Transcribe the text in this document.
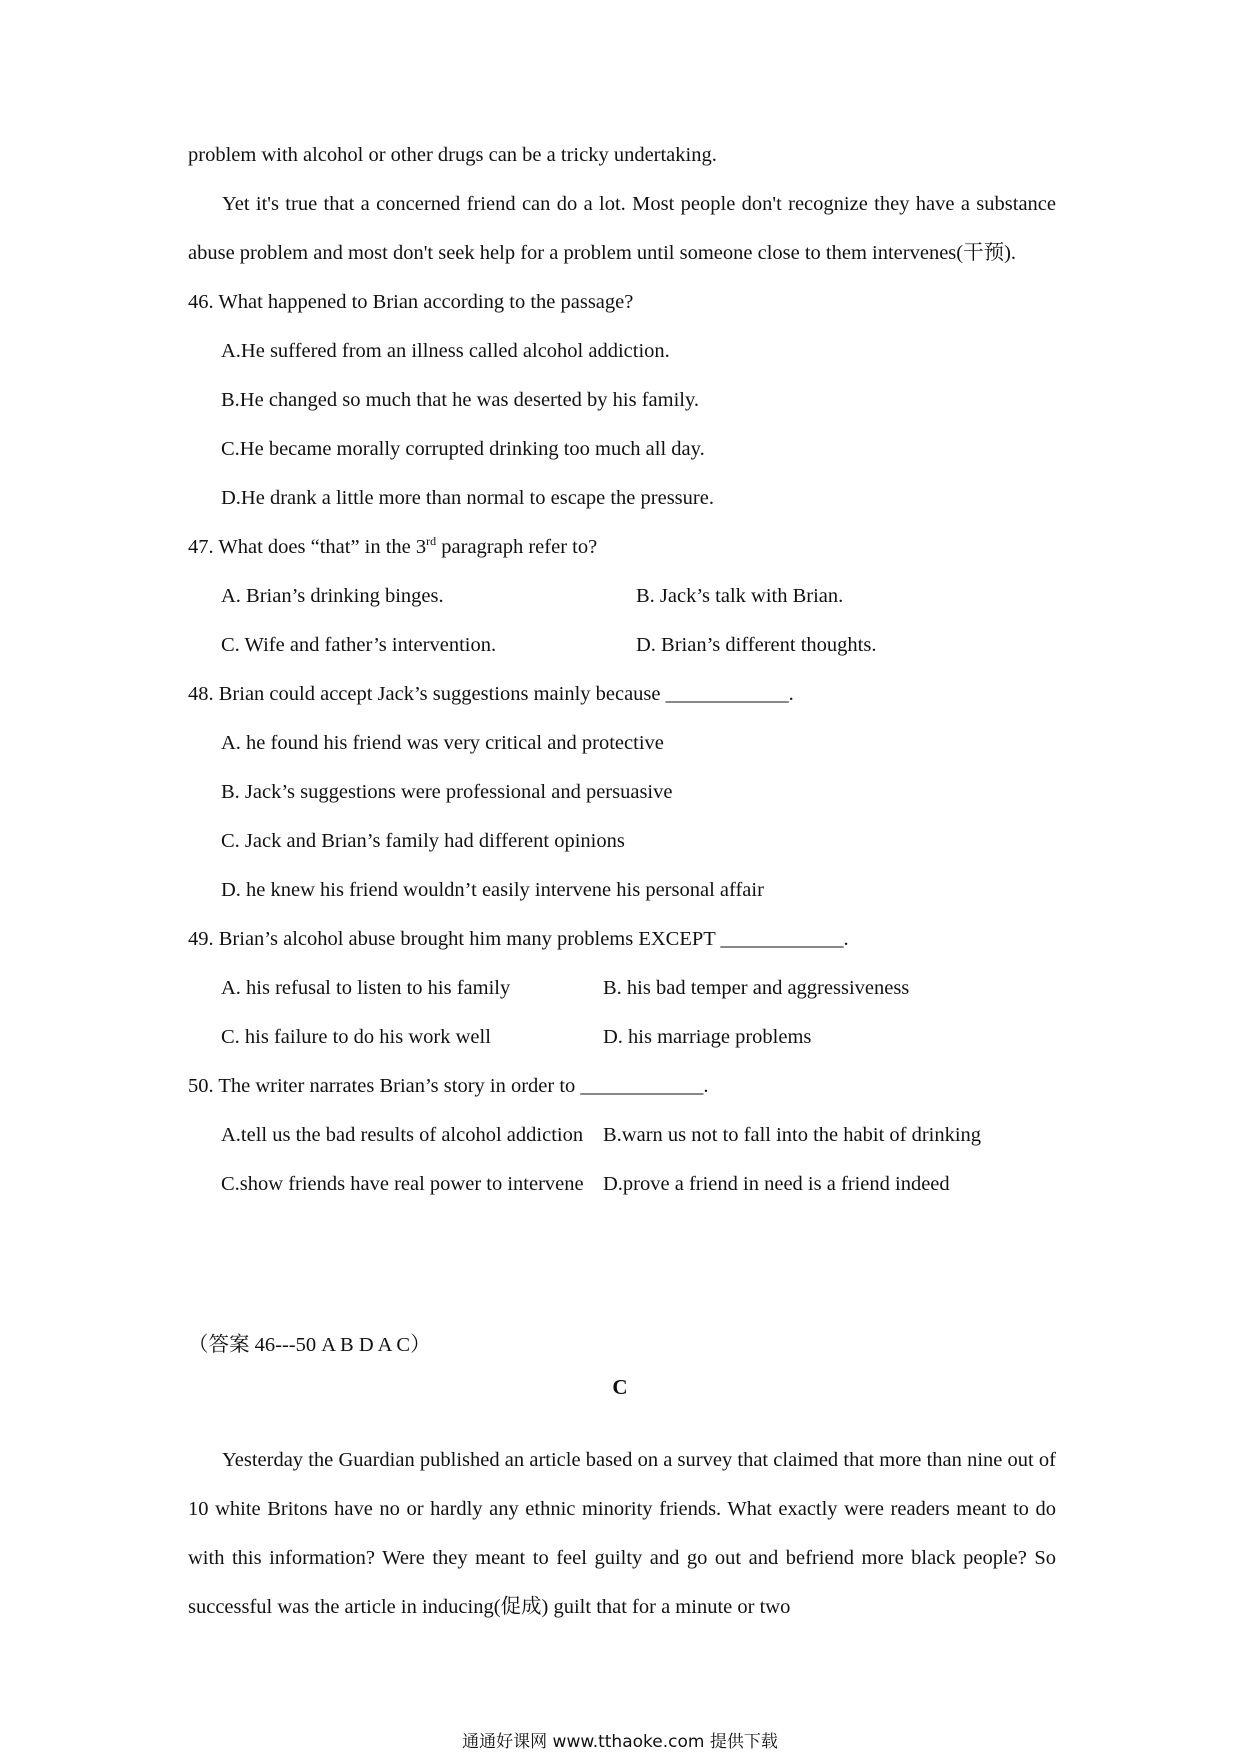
problem with alcohol or other drugs can be a tricky undertaking.

Yet it's true that a concerned friend can do a lot. Most people don't recognize they have a substance abuse problem and most don't seek help for a problem until someone close to them intervenes(干预).

46. What happened to Brian according to the passage?

A.He suffered from an illness called alcohol addiction.

B.He changed so much that he was deserted by his family.

C.He became morally corrupted drinking too much all day.

D.He drank a little more than normal to escape the pressure.

47. What does “that” in the 3rd paragraph refer to?

A. Brian’s drinking binges.	B. Jack’s talk with Brian.
C. Wife and father’s intervention.	D. Brian’s different thoughts.

48. Brian could accept Jack’s suggestions mainly because ____________.

A. he found his friend was very critical and protective

B. Jack’s suggestions were professional and persuasive

C. Jack and Brian’s family had different opinions

D. he knew his friend wouldn’t easily intervene his personal affair

49. Brian’s alcohol abuse brought him many problems EXCEPT ____________.

A. his refusal to listen to his family	B. his bad temper and aggressiveness
C. his failure to do his work well	D. his marriage problems

50. The writer narrates Brian’s story in order to ____________.

A.tell us the bad results of alcohol addiction B.warn us not to fall into the habit of drinking
C.show friends have real power to intervene D.prove a friend in need is a friend indeed

（答案 46---50 A B D A C）

C

Yesterday the Guardian published an article based on a survey that claimed that more than nine out of 10 white Britons have no or hardly any ethnic minority friends. What exactly were readers meant to do with this information? Were they meant to feel guilty and go out and befriend more black people? So successful was the article in inducing(促成) guilt that for a minute or two

通通好课网 www.tthaoke.com 提供下载
